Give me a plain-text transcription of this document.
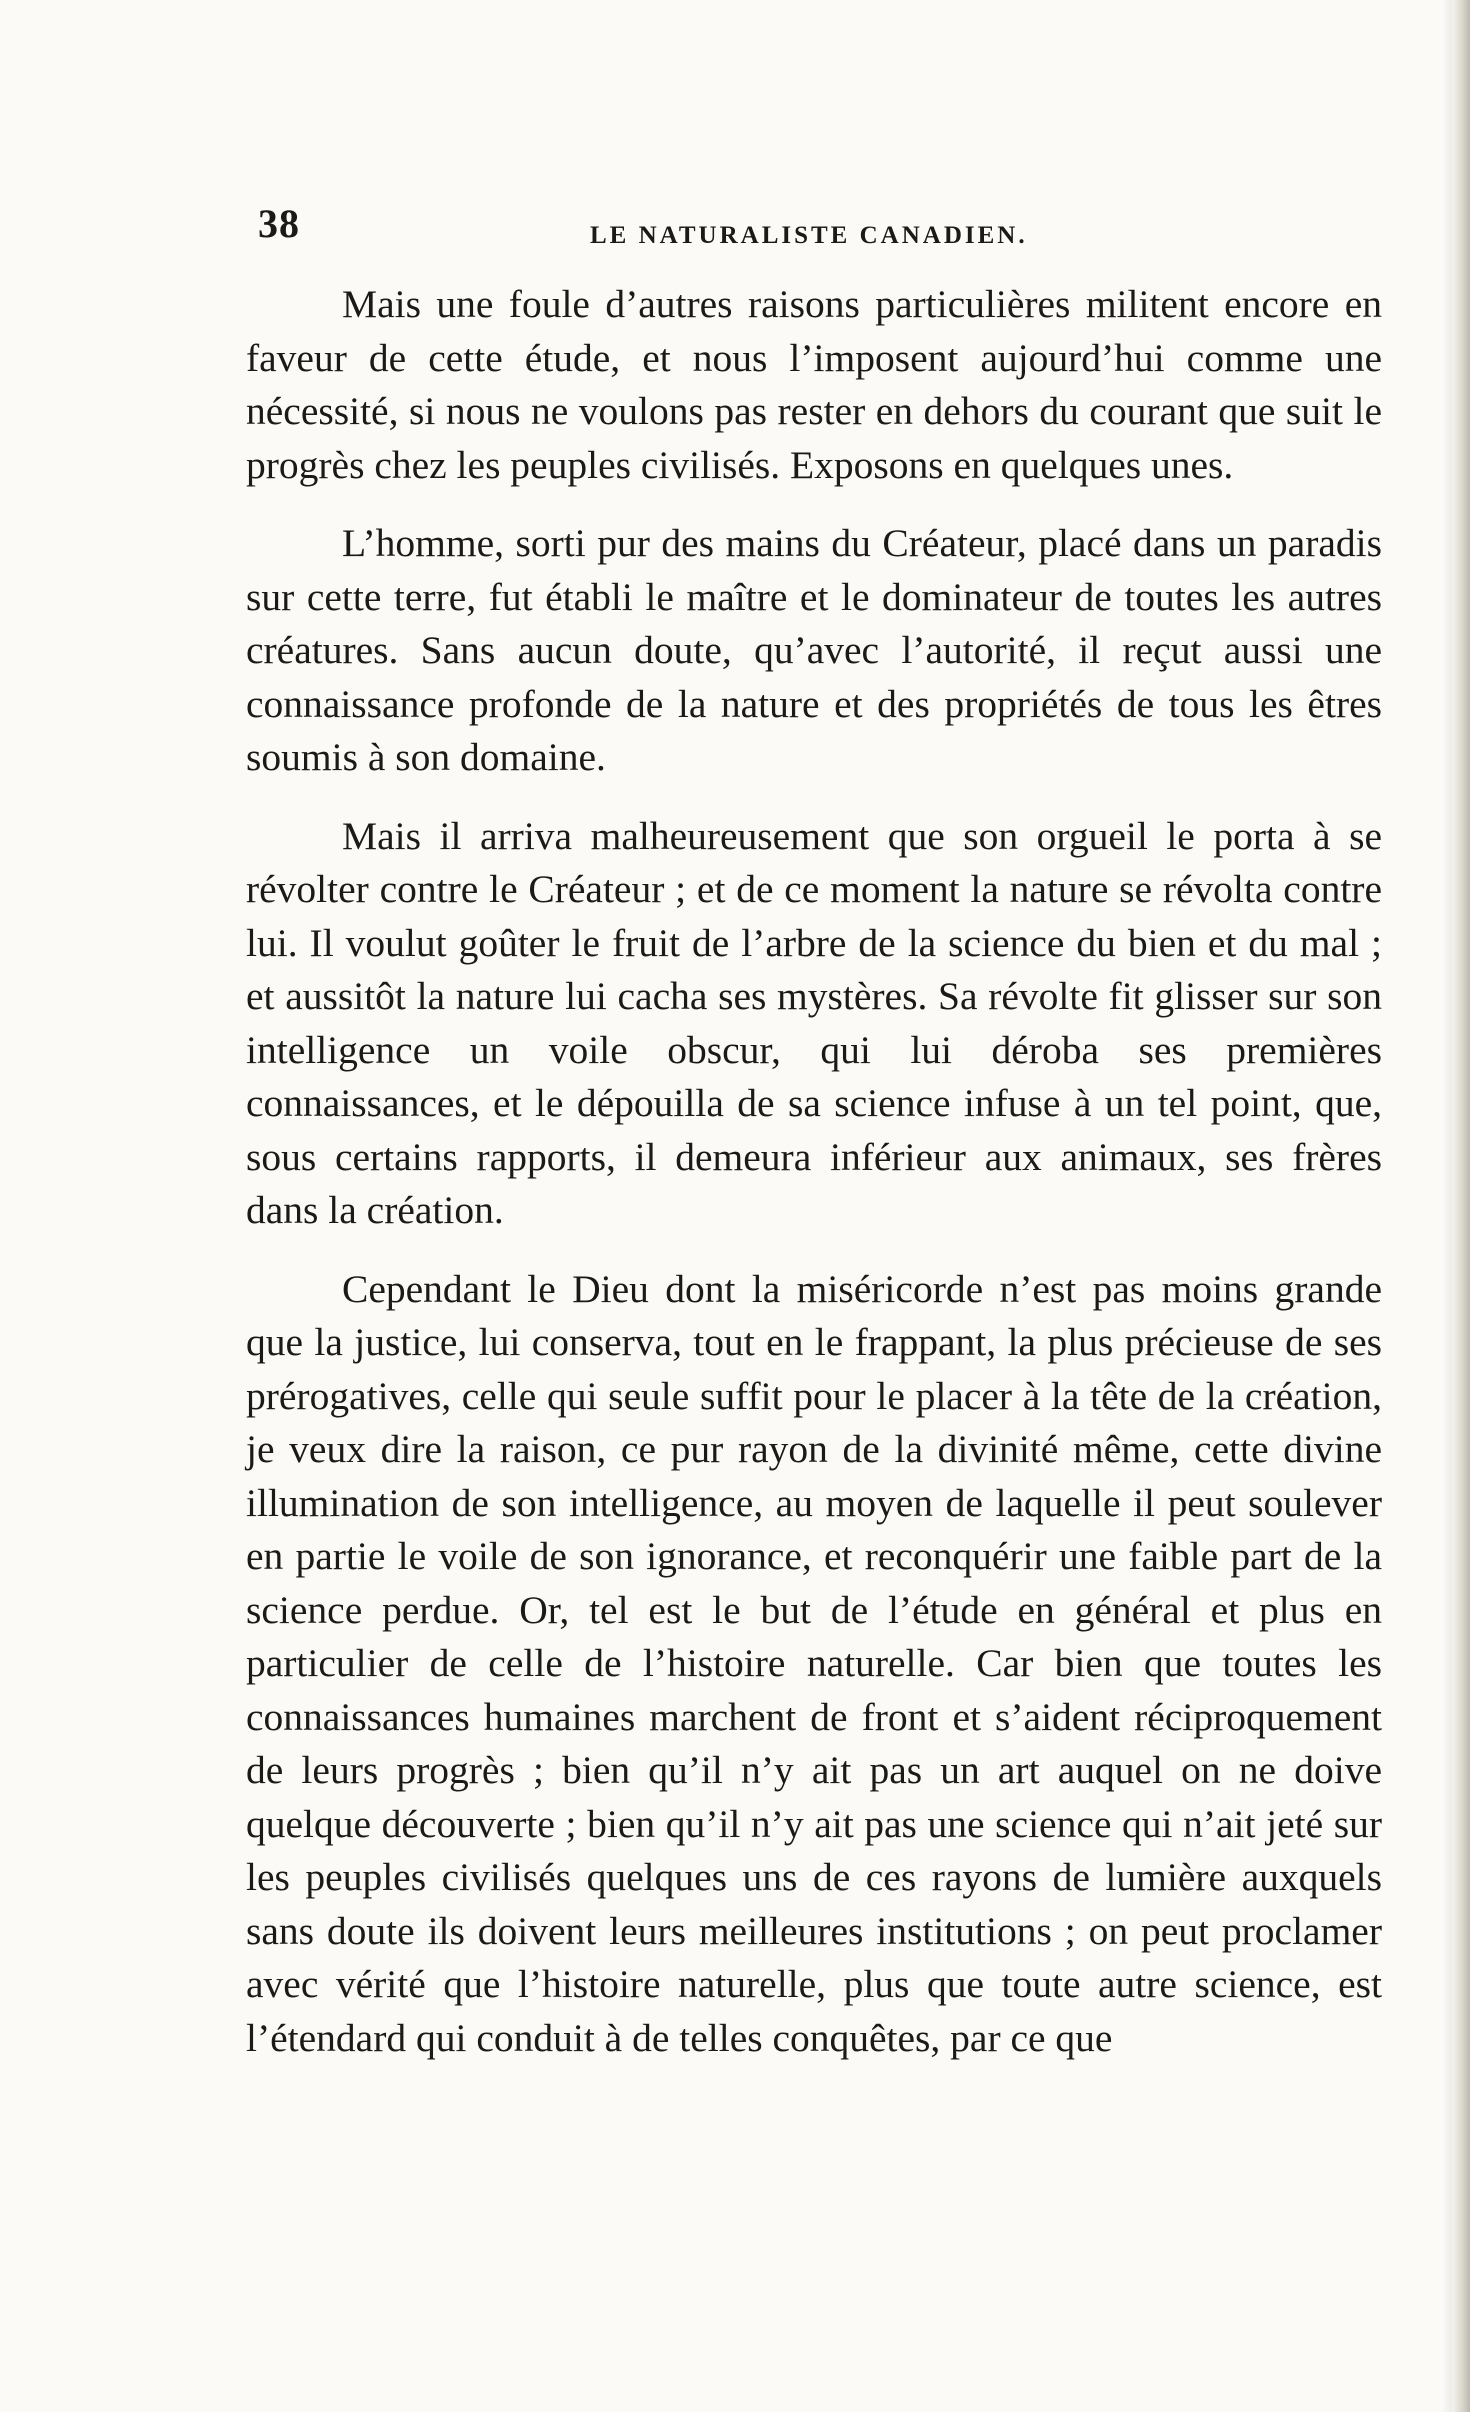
38	LE NATURALISTE CANADIEN.

Mais une foule d’autres raisons particulières militent encore en faveur de cette étude, et nous l’imposent aujourd’hui comme une nécessité, si nous ne voulons pas rester en dehors du courant que suit le progrès chez les peuples civilisés. Exposons en quelques unes.

L’homme, sorti pur des mains du Créateur, placé dans un paradis sur cette terre, fut établi le maître et le dominateur de toutes les autres créatures. Sans aucun doute, qu’avec l’autorité, il reçut aussi une connaissance profonde de la nature et des propriétés de tous les êtres soumis à son domaine.

Mais il arriva malheureusement que son orgueil le porta à se révolter contre le Créateur ; et de ce moment la nature se révolta contre lui. Il voulut goûter le fruit de l’arbre de la science du bien et du mal ; et aussitôt la nature lui cacha ses mystères. Sa révolte fit glisser sur son intelligence un voile obscur, qui lui déroba ses premières connaissances, et le dépouilla de sa science infuse à un tel point, que, sous certains rapports, il demeura inférieur aux animaux, ses frères dans la création.

Cependant le Dieu dont la miséricorde n’est pas moins grande que la justice, lui conserva, tout en le frappant, la plus précieuse de ses prérogatives, celle qui seule suffit pour le placer à la tête de la création, je veux dire la raison, ce pur rayon de la divinité même, cette divine illumination de son intelligence, au moyen de laquelle il peut soulever en partie le voile de son ignorance, et reconquérir une faible part de la science perdue. Or, tel est le but de l’étude en général et plus en particulier de celle de l’histoire naturelle. Car bien que toutes les connaissances humaines marchent de front et s’aident réciproquement de leurs progrès ; bien qu’il n’y ait pas un art auquel on ne doive quelque découverte ; bien qu’il n’y ait pas une science qui n’ait jeté sur les peuples civilisés quelques uns de ces rayons de lumière auxquels sans doute ils doivent leurs meilleures institutions ; on peut proclamer avec vérité que l’histoire naturelle, plus que toute autre science, est l’étendard qui conduit à de telles conquêtes, par ce que
